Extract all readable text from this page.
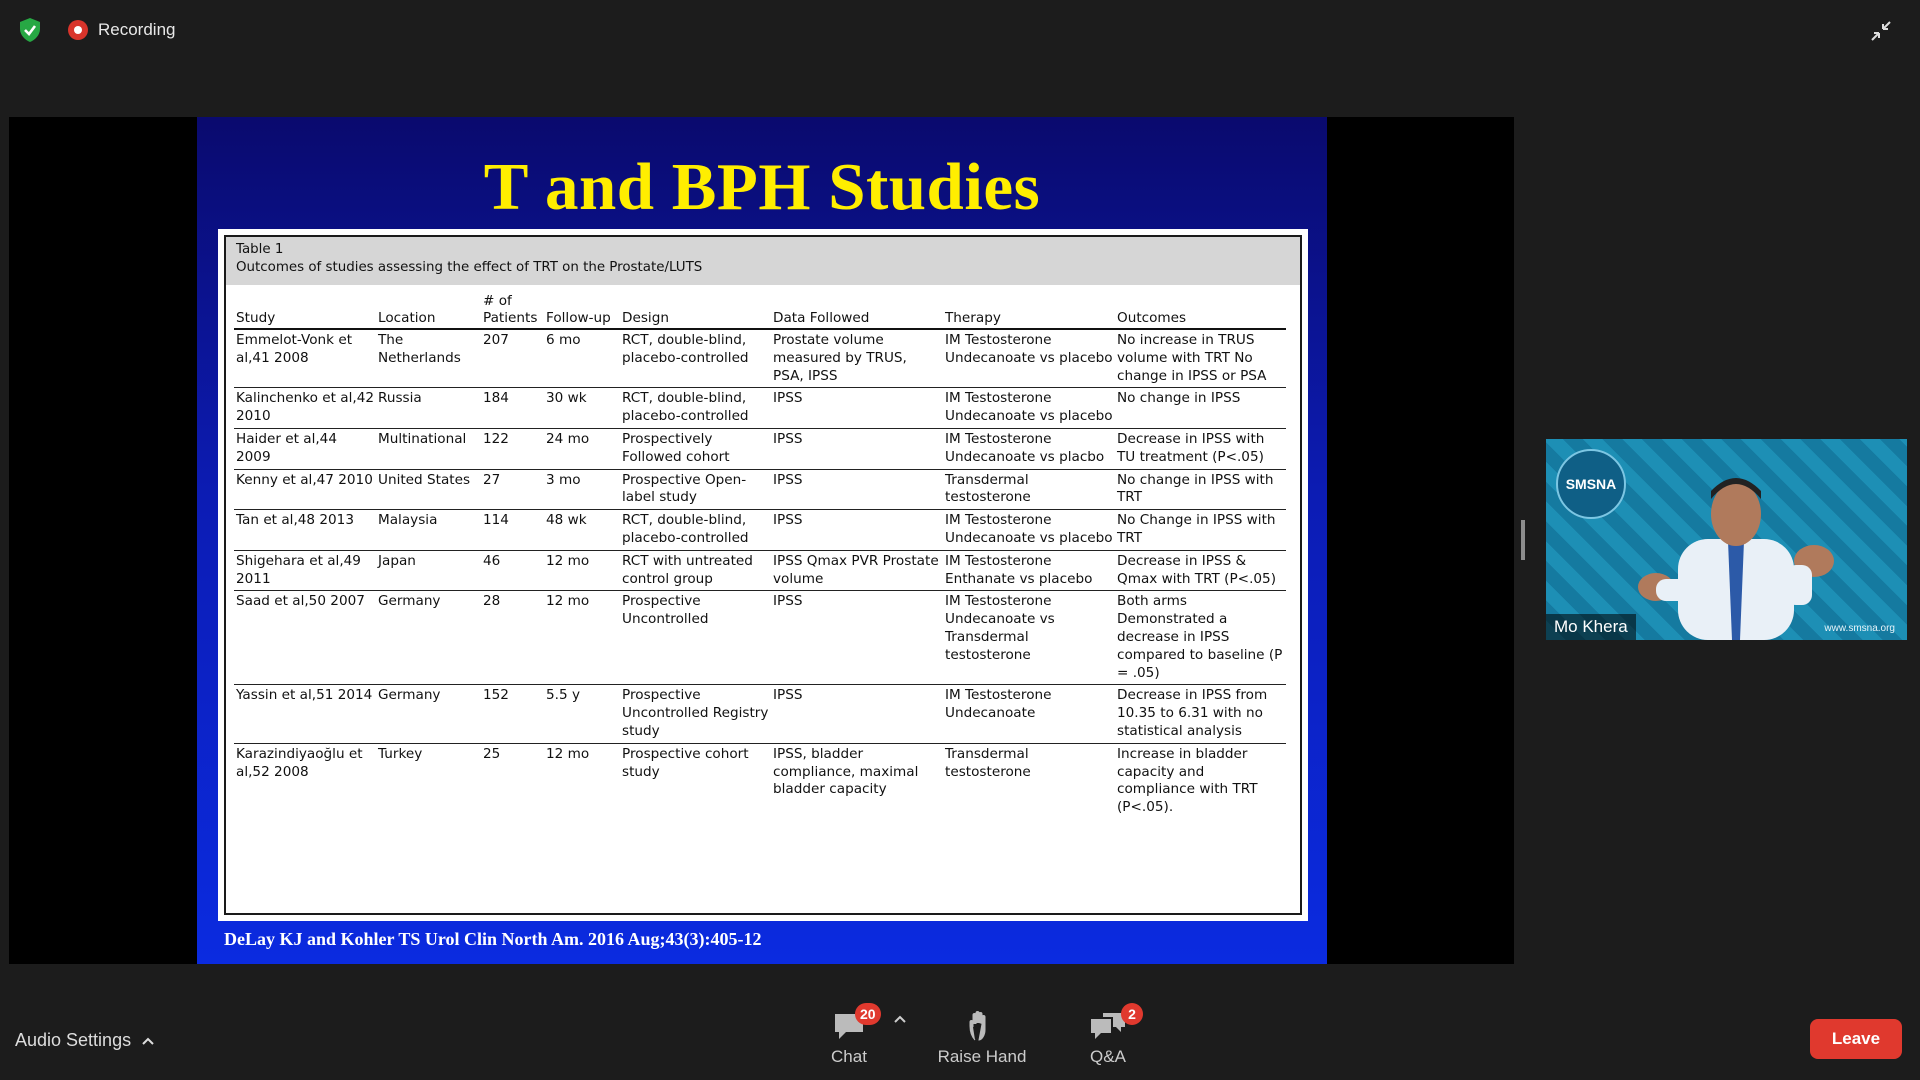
Recording
T and BPH Studies
Table 1
Outcomes of studies assessing the effect of TRT on the Prostate/LUTS
Study	Location	# of Patients	Follow-up	Design	Data Followed	Therapy	Outcomes
Emmelot-Vonk et al,41 2008	The Netherlands	207	6 mo	RCT, double-blind, placebo-controlled	Prostate volume measured by TRUS, PSA, IPSS	IM Testosterone Undecanoate vs placebo	No increase in TRUS volume with TRT No change in IPSS or PSA
Kalinchenko et al,42 2010	Russia	184	30 wk	RCT, double-blind, placebo-controlled	IPSS	IM Testosterone Undecanoate vs placebo	No change in IPSS
Haider et al,44 2009	Multinational	122	24 mo	Prospectively Followed cohort	IPSS	IM Testosterone Undecanoate vs placbo	Decrease in IPSS with TU treatment (P<.05)
Kenny et al,47 2010	United States	27	3 mo	Prospective Open-label study	IPSS	Transdermal testosterone	No change in IPSS with TRT
Tan et al,48 2013	Malaysia	114	48 wk	RCT, double-blind, placebo-controlled	IPSS	IM Testosterone Undecanoate vs placebo	No Change in IPSS with TRT
Shigehara et al,49 2011	Japan	46	12 mo	RCT with untreated control group	IPSS Qmax PVR Prostate volume	IM Testosterone Enthanate vs placebo	Decrease in IPSS & Qmax with TRT (P<.05)
Saad et al,50 2007	Germany	28	12 mo	Prospective Uncontrolled	IPSS	IM Testosterone Undecanoate vs Transdermal testosterone	Both arms Demonstrated a decrease in IPSS compared to baseline (P = .05)
Yassin et al,51 2014	Germany	152	5.5 y	Prospective Uncontrolled Registry study	IPSS	IM Testosterone Undecanoate	Decrease in IPSS from 10.35 to 6.31 with no statistical analysis
Karazindiyaoğlu et al,52 2008	Turkey	25	12 mo	Prospective cohort study	IPSS, bladder compliance, maximal bladder capacity	Transdermal testosterone	Increase in bladder capacity and compliance with TRT (P<.05).
DeLay KJ and Kohler TS Urol Clin North Am. 2016 Aug;43(3):405-12
SMSNA
Mo Khera	www.smsna.org
Audio Settings
20
Chat	Raise Hand
2
Q&A
Leave
